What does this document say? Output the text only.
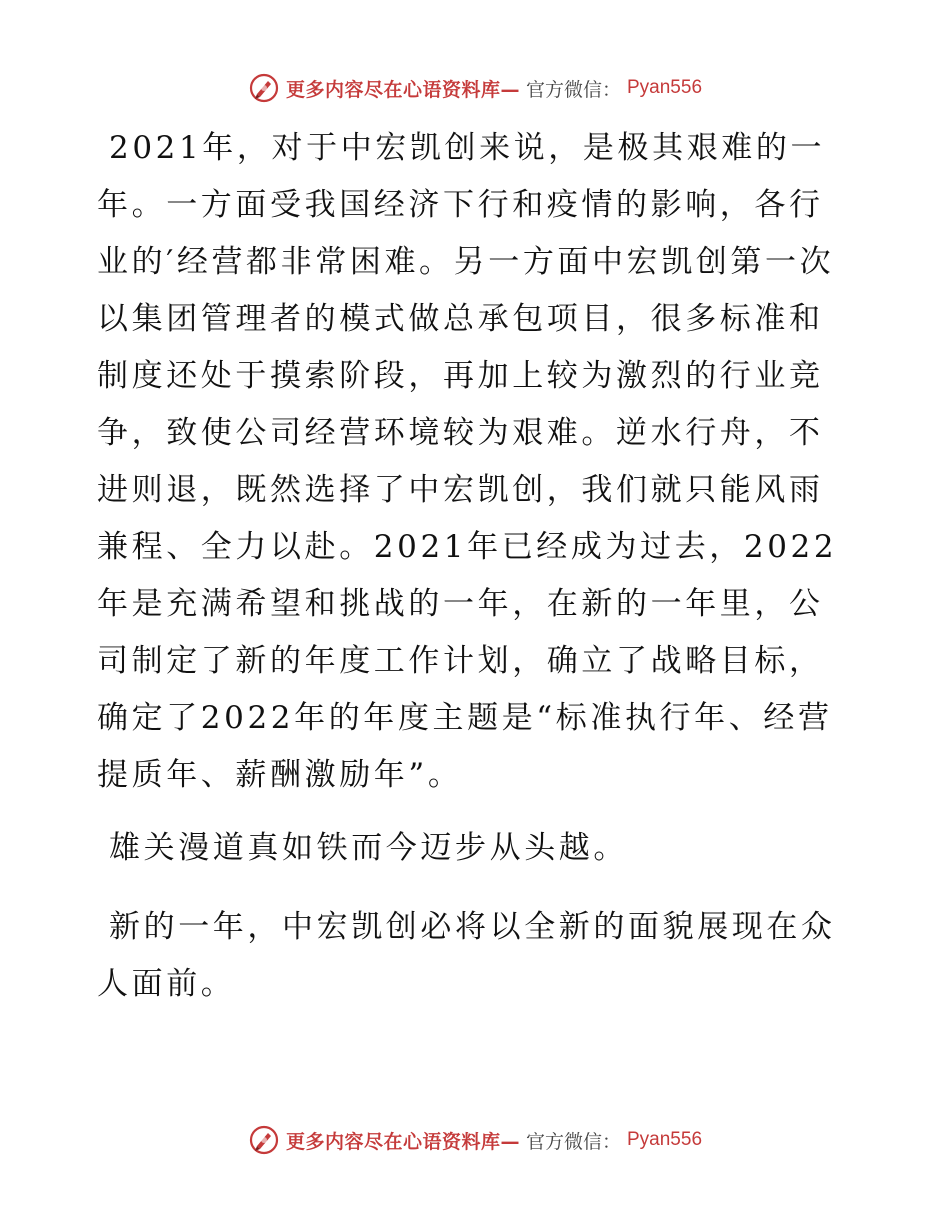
更多内容尽在心语资料库— 官方微信： Pyan556

2021年，对于中宏凯创来说，是极其艰难的一年。一方面受我国经济下行和疫情的影响，各行业的′经营都非常困难。另一方面中宏凯创第一次以集团管理者的模式做总承包项目，很多标准和制度还处于摸索阶段，再加上较为激烈的行业竞争，致使公司经营环境较为艰难。逆水行舟，不进则退，既然选择了中宏凯创，我们就只能风雨兼程、全力以赴。2021年已经成为过去，2022年是充满希望和挑战的一年，在新的一年里，公司制定了新的年度工作计划，确立了战略目标，确定了2022年的年度主题是“标准执行年、经营提质年、薪酬激励年”。

雄关漫道真如铁而今迈步从头越。

新的一年，中宏凯创必将以全新的面貌展现在众人面前。

更多内容尽在心语资料库— 官方微信： Pyan556
